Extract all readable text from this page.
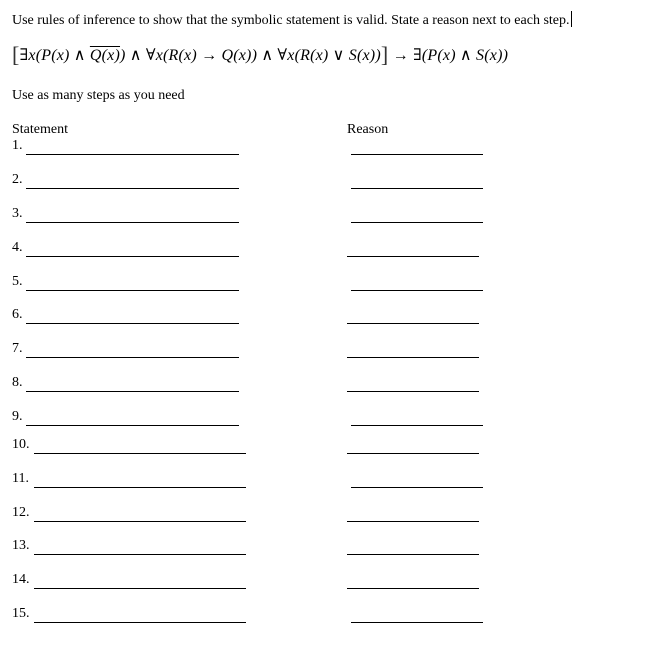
Use rules of inference to show that the symbolic statement is valid. State a reason next to each step.
[∃x(P(x) ∧ Q(x)) ∧ ∀x(R(x) → Q(x)) ∧ ∀x(R(x) ∨ S(x))] → ∃(P(x) ∧ S(x))
Use as many steps as you need
Statement	Reason
1.
2.
3.
4.
5.
6.
7.
8.
9.
10.
11.
12.
13.
14.
15.
